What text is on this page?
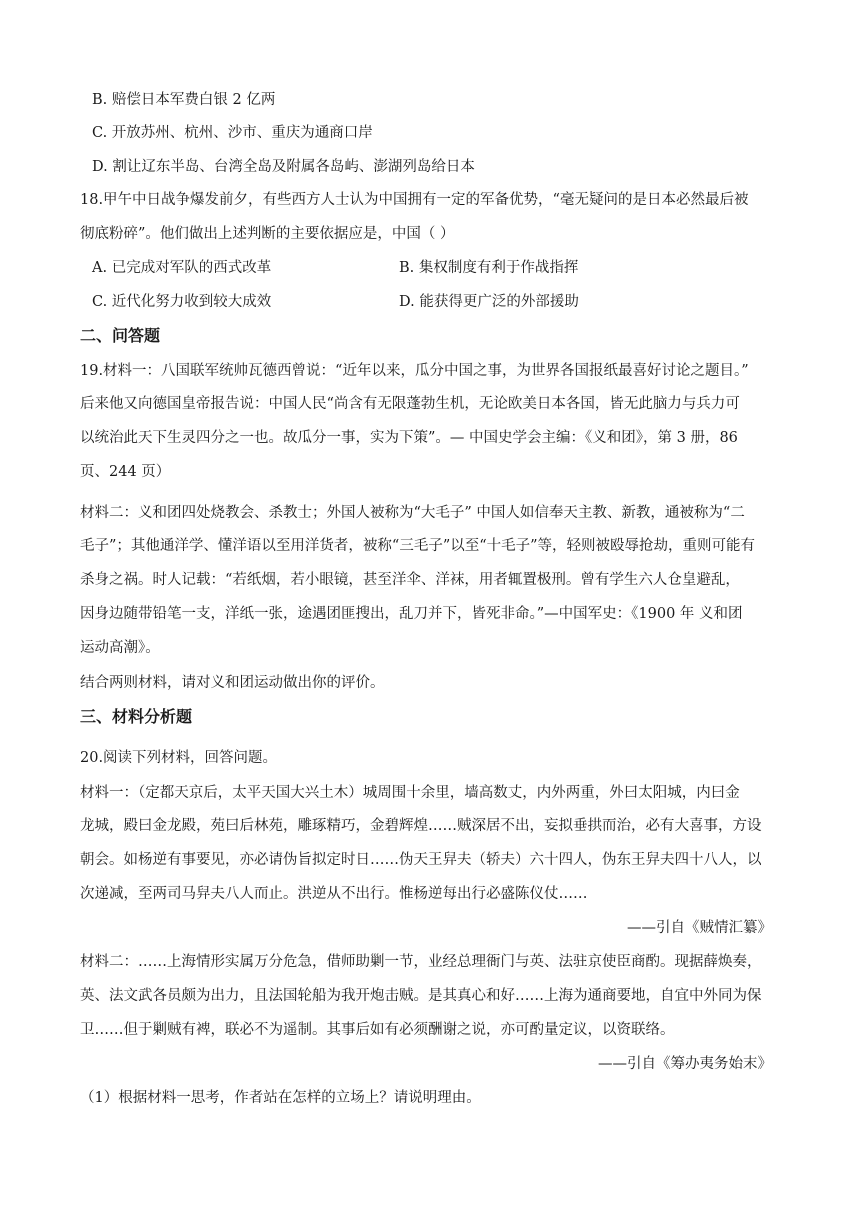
B. 赔偿日本军费白银 2 亿两
C. 开放苏州、杭州、沙市、重庆为通商口岸
D. 割让辽东半岛、台湾全岛及附属各岛屿、澎湖列岛给日本
18.甲午中日战争爆发前夕，有些西方人士认为中国拥有一定的军备优势，“毫无疑问的是日本必然最后被
彻底粉碎”。他们做出上述判断的主要依据应是，中国（ ）
A. 已完成对军队的西式改革	B. 集权制度有利于作战指挥
C. 近代化努力收到较大成效	D. 能获得更广泛的外部援助
二、问答题
19.材料一：八国联军统帅瓦德西曾说：“近年以来，瓜分中国之事，为世界各国报纸最喜好讨论之题目。”
后来他又向德国皇帝报告说：中国人民“尚含有无限蓬勃生机，无论欧美日本各国，皆无此脑力与兵力可
以统治此天下生灵四分之一也。故瓜分一事，实为下策”。— 中国史学会主编：《义和团》，第 3 册，86
页、244 页）
材料二：义和团四处烧教会、杀教士；外国人被称为“大毛子” 中国人如信奉天主教、新教，通被称为“二
毛子”；其他通洋学、懂洋语以至用洋货者，被称“三毛子”以至“十毛子”等，轻则被殴辱抢劫，重则可能有
杀身之祸。时人记载：“若纸烟，若小眼镜，甚至洋伞、洋袜，用者辄置极刑。曾有学生六人仓皇避乱，
因身边随带铅笔一支，洋纸一张，途遇团匪搜出，乱刀并下，皆死非命。”—中国军史：《1900 年 义和团
运动高潮》。
结合两则材料，请对义和团运动做出你的评价。
三、材料分析题
20.阅读下列材料，回答问题。
材料一：（定都天京后，太平天国大兴土木）城周围十余里，墙高数丈，内外两重，外曰太阳城，内曰金
龙城，殿曰金龙殿，苑曰后林苑，雕琢精巧，金碧辉煌……贼深居不出，妄拟垂拱而治，必有大喜事，方设
朝会。如杨逆有事要见，亦必请伪旨拟定时日……伪天王舁夫（轿夫）六十四人，伪东王舁夫四十八人，以
次递减，至两司马舁夫八人而止。洪逆从不出行。惟杨逆每出行必盛陈仪仗……
——引自《贼情汇纂》
材料二：……上海情形实属万分危急，借师助剿一节，业经总理衙门与英、法驻京使臣商酌。现据薛焕奏，
英、法文武各员颇为出力，且法国轮船为我开炮击贼。是其真心和好……上海为通商要地，自宜中外同为保
卫……但于剿贼有裨，联必不为遥制。其事后如有必须酬谢之说，亦可酌量定议，以资联络。
——引自《筹办夷务始末》
（1）根据材料一思考，作者站在怎样的立场上？请说明理由。
